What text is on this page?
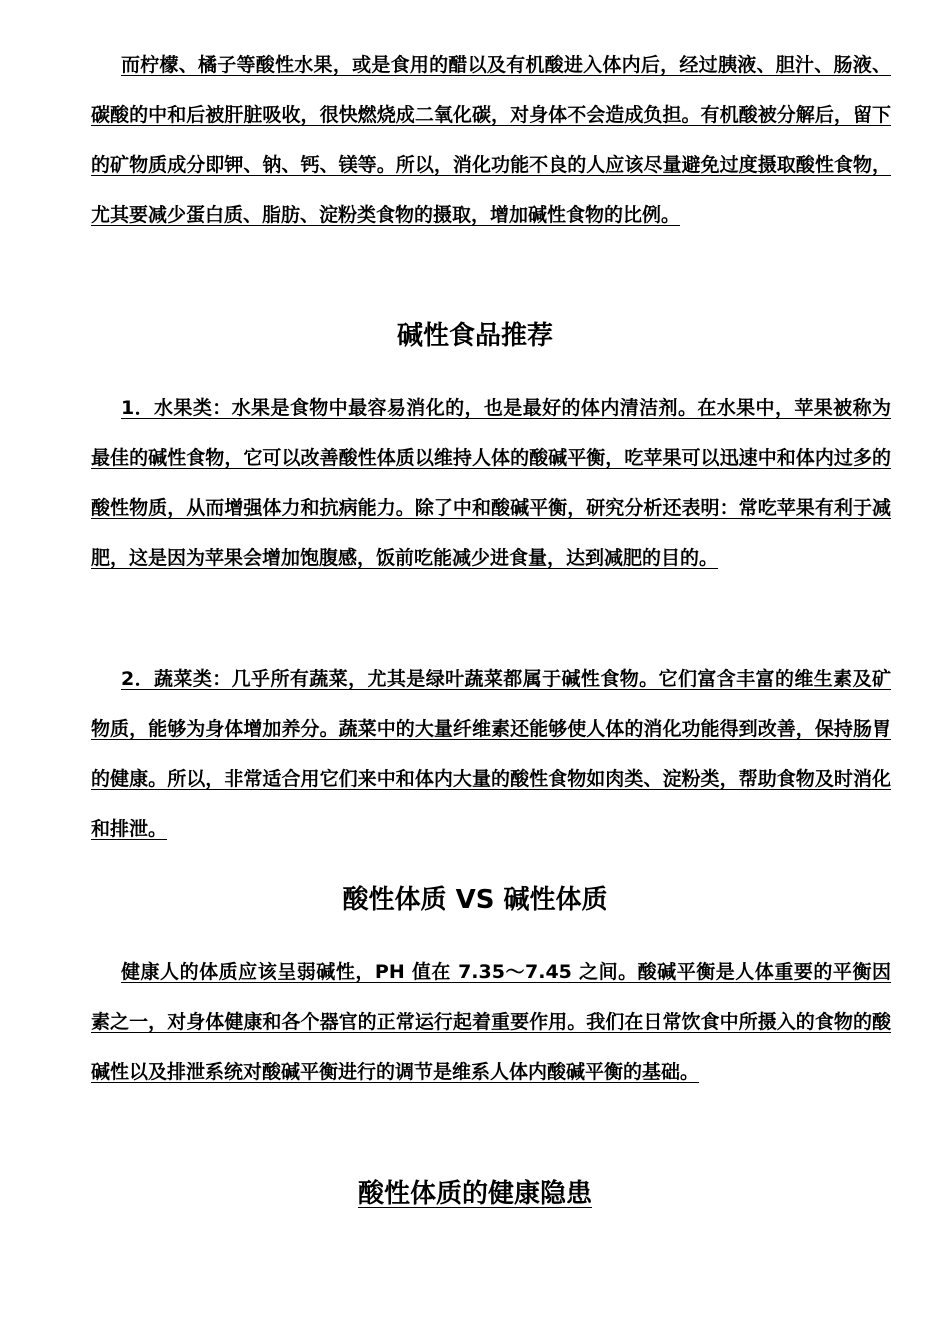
而柠檬、橘子等酸性水果，或是食用的醋以及有机酸进入体内后，经过胰液、胆汁、肠液、碳酸的中和后被肝脏吸收，很快燃烧成二氧化碳，对身体不会造成负担。有机酸被分解后，留下的矿物质成分即钾、钠、钙、镁等。所以，消化功能不良的人应该尽量避免过度摄取酸性食物，尤其要减少蛋白质、脂肪、淀粉类食物的摄取，增加碱性食物的比例。

碱性食品推荐

1．水果类：水果是食物中最容易消化的，也是最好的体内清洁剂。在水果中，苹果被称为最佳的碱性食物，它可以改善酸性体质以维持人体的酸碱平衡，吃苹果可以迅速中和体内过多的酸性物质，从而增强体力和抗病能力。除了中和酸碱平衡，研究分析还表明：常吃苹果有利于减肥，这是因为苹果会增加饱腹感，饭前吃能减少进食量，达到减肥的目的。

2．蔬菜类：几乎所有蔬菜，尤其是绿叶蔬菜都属于碱性食物。它们富含丰富的维生素及矿物质，能够为身体增加养分。蔬菜中的大量纤维素还能够使人体的消化功能得到改善，保持肠胃的健康。所以，非常适合用它们来中和体内大量的酸性食物如肉类、淀粉类，帮助食物及时消化和排泄。

酸性体质 VS 碱性体质

健康人的体质应该呈弱碱性，PH 值在 7.35～7.45 之间。酸碱平衡是人体重要的平衡因素之一，对身体健康和各个器官的正常运行起着重要作用。我们在日常饮食中所摄入的食物的酸碱性以及排泄系统对酸碱平衡进行的调节是维系人体内酸碱平衡的基础。

酸性体质的健康隐患
